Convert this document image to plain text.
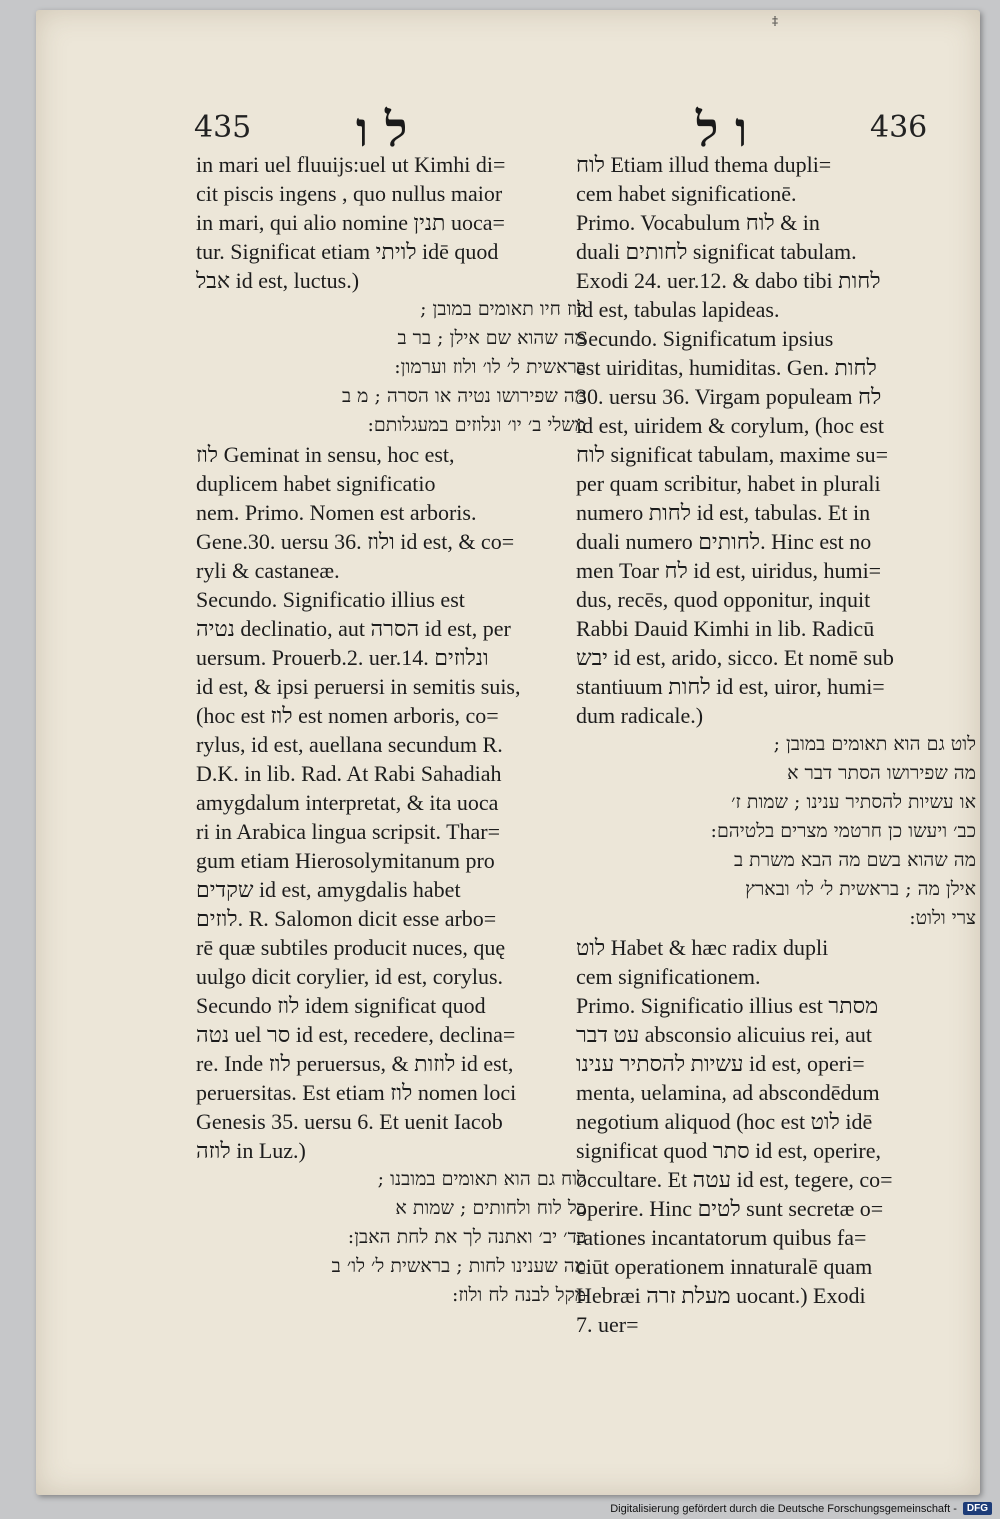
‡
435 ל ו	ו ל	436
in mari uel fluuijs:uel ut Kimhi di=
cit piscis ingens , quo nullus maior
in mari, qui alio nomine תנין uoca=
tur. Significat etiam לויתי idē quod
אבל id est, luctus.)
לוז חיו תאומים במובן ;
מה שהוא שם אילן ; בר ב
בראשית ל׳ לו׳ ולוז וערמון:
מה שפירושו נטיה או הסרה ; מ ב
משלי ב׳ יו׳ ונלוזים במעגלותם:
לוז Geminat in sensu, hoc est,
duplicem habet significatio
nem. Primo. Nomen est arboris.
Gene.30. uersu 36. ולוז id est, & co=
ryli & castaneæ.
Secundo. Significatio illius est
נטיה declinatio, aut הסרה id est, per
uersum. Prouerb.2. uer.14. ונלוזים
id est, & ipsi peruersi in semitis suis,
(hoc est לוז est nomen arboris, co=
rylus, id est, auellana secundum R.
D.K. in lib. Rad. At Rabi Sahadiah
amygdalum interpretat, & ita uoca
ri in Arabica lingua scripsit. Thar=
gum etiam Hierosolymitanum pro
שקדים id est, amygdalis habet
לוזים. R. Salomon dicit esse arbo=
rē quæ subtiles producit nuces, quę
uulgo dicit corylier, id est, corylus.
Secundo לוז idem significat quod
נטה uel סר id est, recedere, declina=
re. Inde לוז peruersus, & לוזות id est,
peruersitas. Est etiam לוז nomen loci
Genesis 35. uersu 6. Et uenit Iacob
לוזה in Luz.)
לוח גם הוא תאומים במובנו ;
כל לוח ולחותים ; שמות א
כד׳ יב׳ ואתנה לך את לחת האבן:
מה שענינו לחות ; בראשית ל׳ לו׳ ב
מקל לבנה לח ולוז:
לוח Etiam illud thema dupli=
cem habet significationē.
Primo. Vocabulum לוח & in
duali לחותים significat tabulam.
Exodi 24. uer.12. & dabo tibi לחות
id est, tabulas lapideas.
Secundo. Significatum ipsius
est uiriditas, humiditas. Gen. לחות
30. uersu 36. Virgam populeam לח
id est, uiridem & corylum, (hoc est
לוח significat tabulam, maxime su=
per quam scribitur, habet in plurali
numero לחות id est, tabulas. Et in
duali numero לחותים. Hinc est no
men Toar לח id est, uiridus, humi=
dus, recēs, quod opponitur, inquit
Rabbi Dauid Kimhi in lib. Radicū
יבש id est, arido, sicco. Et nomē sub
stantiuum לחות id est, uiror, humi=
dum radicale.)
לוט גם הוא תאומים במובן ;
מה שפירושו הסתר דבר א
או עשיות להסתיר ענינו ; שמות ז׳
כב׳ ויעשו כן חרטמי מצרים בלטיהם:
מה שהוא בשם מה הבא משרת ב
אילן מה ; בראשית ל׳ לו׳ ובארץ
צרי ולוט:
לוט Habet & hæc radix dupli
cem significationem.
Primo. Significatio illius est מסתר
עט דבר absconsio alicuius rei, aut
עשיות להסתיר ענינו id est, operi=
menta, uelamina, ad abscondēdum
negotium aliquod (hoc est לוט idē
significat quod סתר id est, operire,
occultare. Et עטה id est, tegere, co=
operire. Hinc לטים sunt secretæ o=
rationes incantatorum quibus fa=
ciūt operationem innaturalē quam
Hebræi מעלת זרה uocant.) Exodi
7. uer=
Digitalisierung gefördert durch die Deutsche Forschungsgemeinschaft -	DFG
